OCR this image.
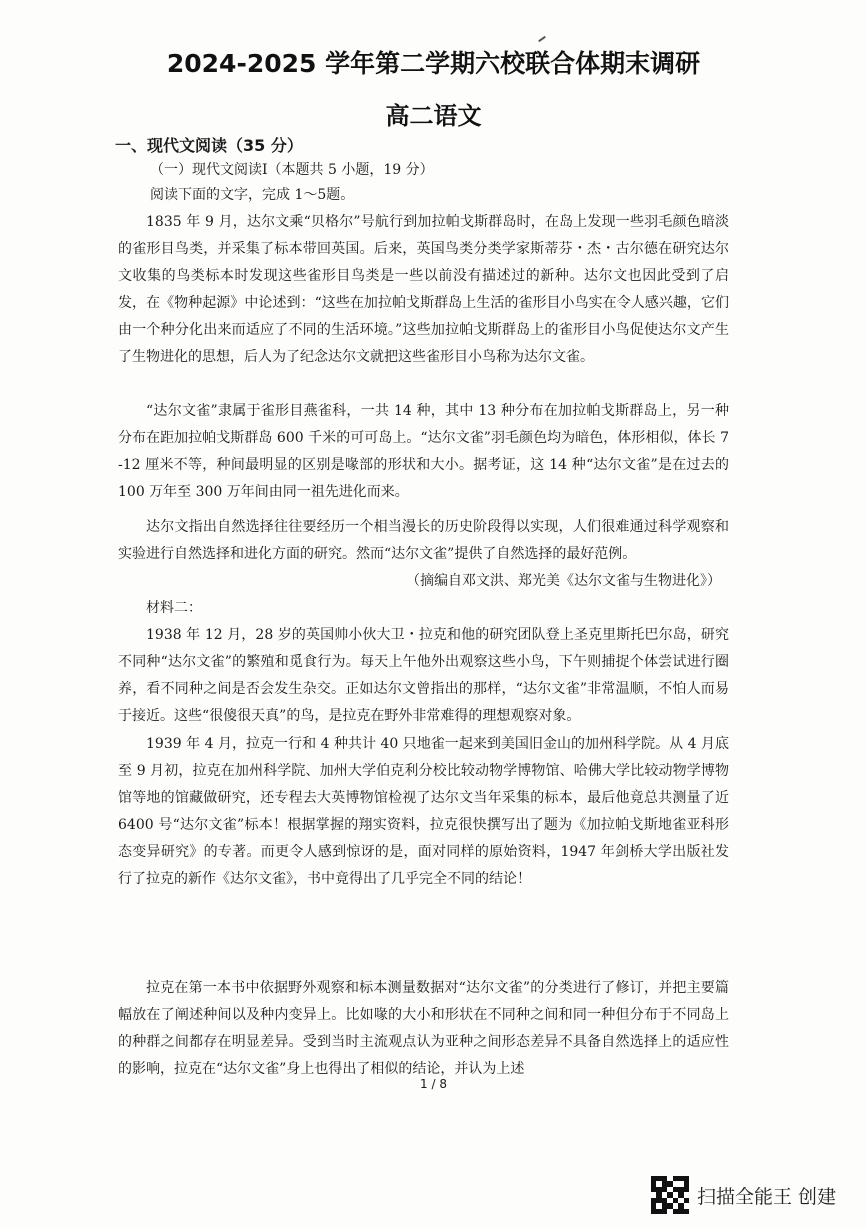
2024-2025 学年第二学期六校联合体期末调研
高二语文
一、现代文阅读（35 分）
（一）现代文阅读Ⅰ（本题共 5 小题，19 分）
阅读下面的文字，完成 1～5题。

1835 年 9 月，达尔文乘“贝格尔”号航行到加拉帕戈斯群岛时，在岛上发现一些羽毛颜色暗淡的雀形目鸟类，并采集了标本带回英国。后来，英国鸟类分类学家斯蒂芬・杰・古尔德在研究达尔文收集的鸟类标本时发现这些雀形目鸟类是一些以前没有描述过的新种。达尔文也因此受到了启发，在《物种起源》中论述到：“这些在加拉帕戈斯群岛上生活的雀形目小鸟实在令人感兴趣，它们由一个种分化出来而适应了不同的生活环境。”这些加拉帕戈斯群岛上的雀形目小鸟促使达尔文产生了生物进化的思想，后人为了纪念达尔文就把这些雀形目小鸟称为达尔文雀。

“达尔文雀”隶属于雀形目燕雀科，一共 14 种，其中 13 种分布在加拉帕戈斯群岛上，另一种分布在距加拉帕戈斯群岛 600 千米的可可岛上。“达尔文雀”羽毛颜色均为暗色，体形相似，体长 7-12 厘米不等，种间最明显的区别是喙部的形状和大小。据考证，这 14 种“达尔文雀”是在过去的 100 万年至 300 万年间由同一祖先进化而来。

达尔文指出自然选择往往要经历一个相当漫长的历史阶段得以实现，人们很难通过科学观察和实验进行自然选择和进化方面的研究。然而“达尔文雀”提供了自然选择的最好范例。

（摘编自邓文洪、郑光美《达尔文雀与生物进化》）
材料二：

1938 年 12 月，28 岁的英国帅小伙大卫・拉克和他的研究团队登上圣克里斯托巴尔岛，研究不同种“达尔文雀”的繁殖和觅食行为。每天上午他外出观察这些小鸟，下午则捕捉个体尝试进行圈养，看不同种之间是否会发生杂交。正如达尔文曾指出的那样，“达尔文雀”非常温顺，不怕人而易于接近。这些“很傻很天真”的鸟，是拉克在野外非常难得的理想观察对象。

1939 年 4 月，拉克一行和 4 种共计 40 只地雀一起来到美国旧金山的加州科学院。从 4 月底至 9 月初，拉克在加州科学院、加州大学伯克利分校比较动物学博物馆、哈佛大学比较动物学博物馆等地的馆藏做研究，还专程去大英博物馆检视了达尔文当年采集的标本，最后他竟总共测量了近 6400 号“达尔文雀”标本！根据掌握的翔实资料，拉克很快撰写出了题为《加拉帕戈斯地雀亚科形态变异研究》的专著。而更令人感到惊讶的是，面对同样的原始资料，1947 年剑桥大学出版社发行了拉克的新作《达尔文雀》，书中竟得出了几乎完全不同的结论！

拉克在第一本书中依据野外观察和标本测量数据对“达尔文雀”的分类进行了修订，并把主要篇幅放在了阐述种间以及种内变异上。比如喙的大小和形状在不同种之间和同一种但分布于不同岛上的种群之间都存在明显差异。受到当时主流观点认为亚种之间形态差异不具备自然选择上的适应性的影响，拉克在“达尔文雀”身上也得出了相似的结论，并认为上述

1 / 8
扫描全能王 创建
